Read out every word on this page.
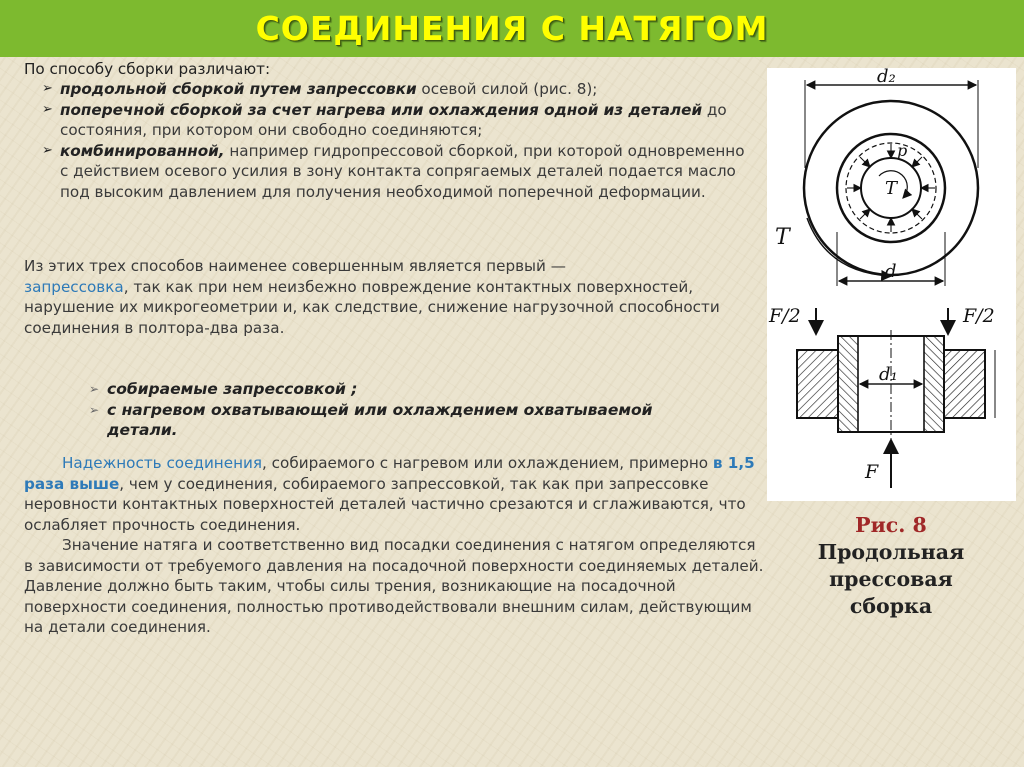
СОЕДИНЕНИЯ С НАТЯГОМ
По способу сборки различают:
➢ продольной сборкой путем запрессовки осевой силой (рис. 8);
➢ поперечной сборкой за счет нагрева или охлаждения одной из деталей до состояния, при котором они свободно соединяются;
➢ комбинированной, например гидропрессовой сборкой, при которой одновременно с действием осевого усилия в зону контакта сопрягаемых деталей подается масло под высоким давлением для получения необходимой поперечной деформации.
Из этих трех способов наименее совершенным является первый —
запрессовка, так как при нем неизбежно повреждение контактных поверхностей, нарушение их микрогеометрии и, как следствие, снижение нагрузочной способности соединения в полтора-два раза.
➢ собираемые запрессовкой ;
➢ с нагревом охватывающей или охлаждением охватываемой детали.
Надежность соединения, собираемого с нагревом или охлаждением, примерно в 1,5 раза выше, чем у соединения, собираемого запрессовкой, так как при запрессовке неровности контактных поверхностей деталей частично срезаются и сглаживаются, что ослабляет прочность соединения.
Значение натяга и соответственно вид посадки соединения с натягом определяются в зависимости от требуемого давления на посадочной поверхности соединяемых деталей. Давление должно быть таким, чтобы силы трения, возникающие на посадочной поверхности соединения, полностью противодействовали внешним силам, действующим на детали соединения.
d₂
p
T
T
d
F/2	F/2
d₁
F
Рис. 8
Продольная
прессовая
сборка
